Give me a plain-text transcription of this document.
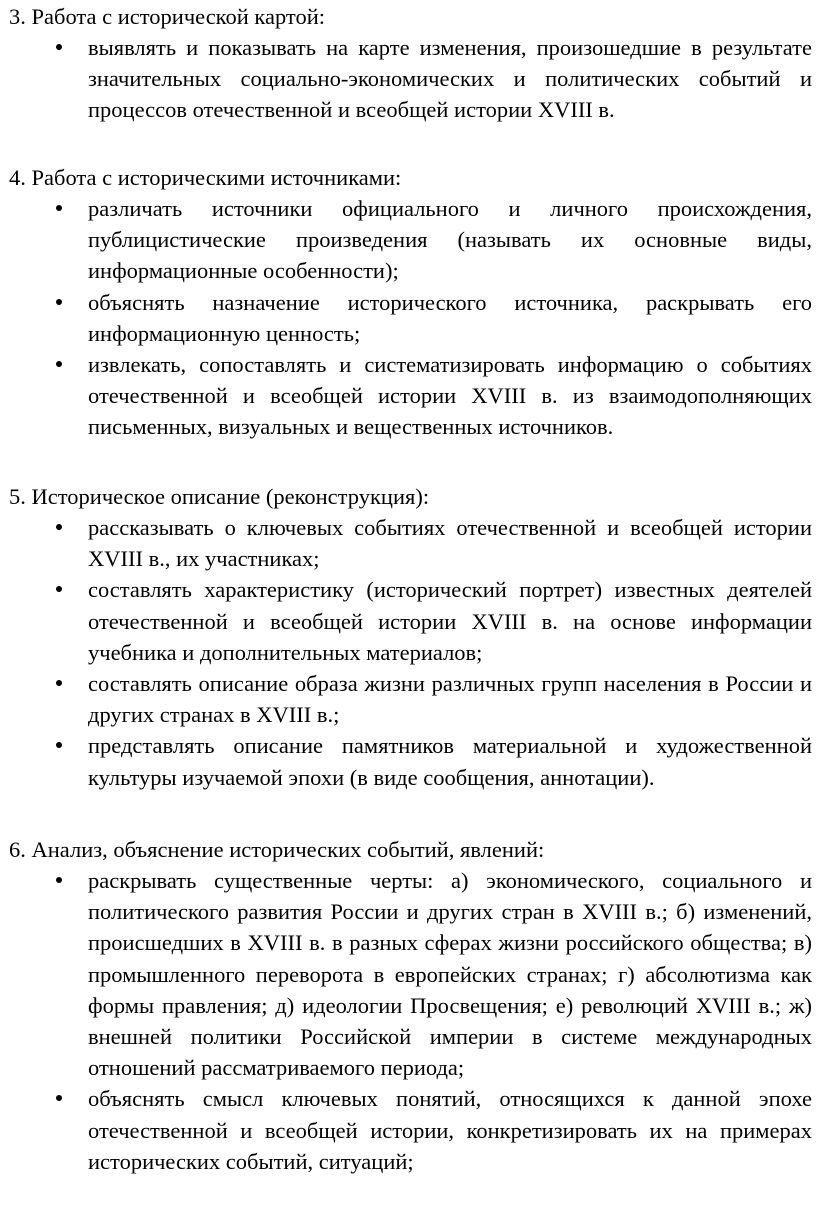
3. Работа с исторической картой:

выявлять и показывать на карте изменения, произошедшие в результате значительных социально-экономических и политических событий и процессов отечественной и всеобщей истории XVIII в.

4. Работа с историческими источниками:

различать источники официального и личного происхождения, публицистические произведения (называть их основные виды, информационные особенности);
объяснять назначение исторического источника, раскрывать его информационную ценность;
извлекать, сопоставлять и систематизировать информацию о событиях отечественной и всеобщей истории XVIII в. из взаимодополняющих письменных, визуальных и вещественных источников.

5. Историческое описание (реконструкция):

рассказывать о ключевых событиях отечественной и всеобщей истории XVIII в., их участниках;
составлять характеристику (исторический портрет) известных деятелей отечественной и всеобщей истории XVIII в. на основе информации учебника и дополнительных материалов;
составлять описание образа жизни различных групп населения в России и других странах в XVIII в.;
представлять описание памятников материальной и художественной культуры изучаемой эпохи (в виде сообщения, аннотации).

6. Анализ, объяснение исторических событий, явлений:

раскрывать существенные черты: а) экономического, социального и политического развития России и других стран в XVIII в.; б) изменений, происшедших в XVIII в. в разных сферах жизни российского общества; в) промышленного переворота в европейских странах; г) абсолютизма как формы правления; д) идеологии Просвещения; е) революций XVIII в.; ж) внешней политики Российской империи в системе международных отношений рассматриваемого периода;
объяснять смысл ключевых понятий, относящихся к данной эпохе отечественной и всеобщей истории, конкретизировать их на примерах исторических событий, ситуаций;
